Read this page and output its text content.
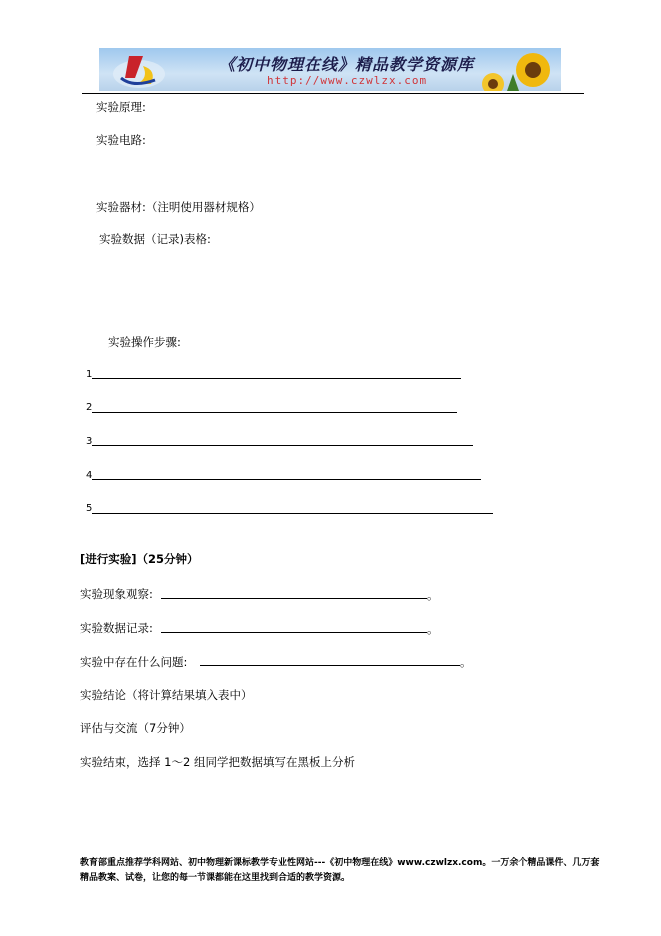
《初中物理在线》精品教学资源库
http://www.czwlzx.com
实验原理:
实验电路:
实验器材:（注明使用器材规格）
实验数据（记录)表格:
实验操作步骤:
1
2
3
4
5
[进行实验]（25分钟）
实验现象观察:	。
实验数据记录:	。
实验中存在什么问题:	。
实验结论（将计算结果填入表中）
评估与交流（7分钟）
实验结束，选择 1～2 组同学把数据填写在黑板上分析
教育部重点推荐学科网站、初中物理新课标教学专业性网站---《初中物理在线》www.czwlzx.com。一万余个精品课件、几万套精品教案、试卷，让您的每一节课都能在这里找到合适的教学资源。
